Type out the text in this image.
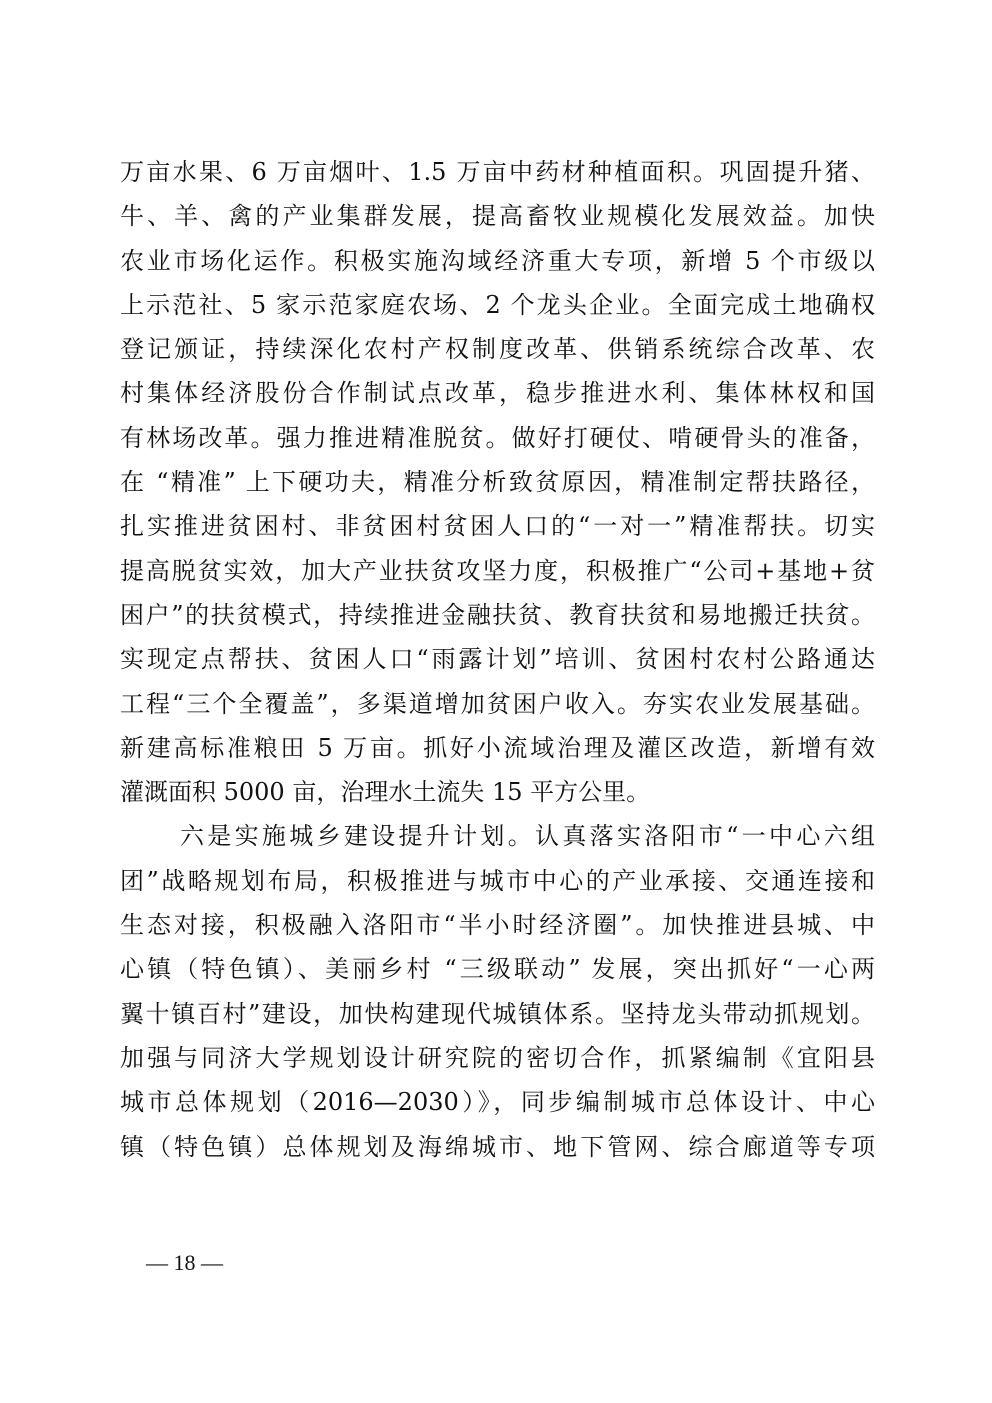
万亩水果、6 万亩烟叶、1.5 万亩中药材种植面积。巩固提升猪、
牛、羊、禽的产业集群发展，提高畜牧业规模化发展效益。加快
农业市场化运作。积极实施沟域经济重大专项，新增 5 个市级以
上示范社、5 家示范家庭农场、2 个龙头企业。全面完成土地确权
登记颁证，持续深化农村产权制度改革、供销系统综合改革、农
村集体经济股份合作制试点改革，稳步推进水利、集体林权和国
有林场改革。强力推进精准脱贫。做好打硬仗、啃硬骨头的准备，
在 “精准” 上下硬功夫，精准分析致贫原因，精准制定帮扶路径，
扎实推进贫困村、非贫困村贫困人口的“一对一”精准帮扶。切实
提高脱贫实效，加大产业扶贫攻坚力度，积极推广“公司+基地+贫
困户”的扶贫模式，持续推进金融扶贫、教育扶贫和易地搬迁扶贫。
实现定点帮扶、贫困人口“雨露计划”培训、贫困村农村公路通达
工程“三个全覆盖”，多渠道增加贫困户收入。夯实农业发展基础。
新建高标准粮田 5 万亩。抓好小流域治理及灌区改造，新增有效
灌溉面积 5000 亩，治理水土流失 15 平方公里。
六是实施城乡建设提升计划。认真落实洛阳市“一中心六组
团”战略规划布局，积极推进与城市中心的产业承接、交通连接和
生态对接，积极融入洛阳市“半小时经济圈”。加快推进县城、中
心镇（特色镇）、美丽乡村 “三级联动” 发展，突出抓好“一心两
翼十镇百村”建设，加快构建现代城镇体系。坚持龙头带动抓规划。
加强与同济大学规划设计研究院的密切合作，抓紧编制《宜阳县
城市总体规划（2016—2030）》，同步编制城市总体设计、中心
镇（特色镇）总体规划及海绵城市、地下管网、综合廊道等专项
— 18 —
